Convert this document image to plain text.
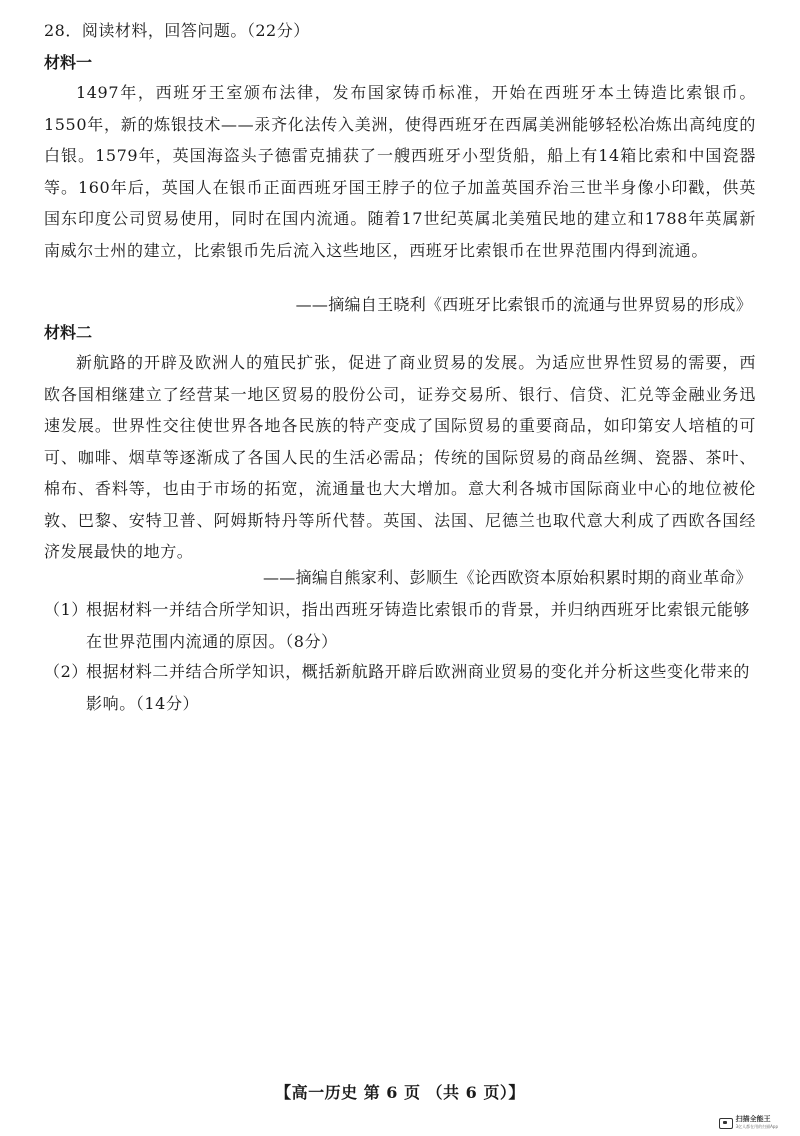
28．阅读材料，回答问题。（22分）
材料一
1497年，西班牙王室颁布法律，发布国家铸币标准，开始在西班牙本土铸造比索银币。1550年，新的炼银技术——汞齐化法传入美洲，使得西班牙在西属美洲能够轻松冶炼出高纯度的白银。1579年，英国海盗头子德雷克捕获了一艘西班牙小型货船，船上有14箱比索和中国瓷器等。160年后，英国人在银币正面西班牙国王脖子的位子加盖英国乔治三世半身像小印戳，供英国东印度公司贸易使用，同时在国内流通。随着17世纪英属北美殖民地的建立和1788年英属新南威尔士州的建立，比索银币先后流入这些地区，西班牙比索银币在世界范围内得到流通。
——摘编自王晓利《西班牙比索银币的流通与世界贸易的形成》
材料二
新航路的开辟及欧洲人的殖民扩张，促进了商业贸易的发展。为适应世界性贸易的需要，西欧各国相继建立了经营某一地区贸易的股份公司，证券交易所、银行、信贷、汇兑等金融业务迅速发展。世界性交往使世界各地各民族的特产变成了国际贸易的重要商品，如印第安人培植的可可、咖啡、烟草等逐渐成了各国人民的生活必需品；传统的国际贸易的商品丝绸、瓷器、茶叶、棉布、香料等，也由于市场的拓宽，流通量也大大增加。意大利各城市国际商业中心的地位被伦敦、巴黎、安特卫普、阿姆斯特丹等所代替。英国、法国、尼德兰也取代意大利成了西欧各国经济发展最快的地方。
——摘编自熊家利、彭顺生《论西欧资本原始积累时期的商业革命》
（1）
根据材料一并结合所学知识，指出西班牙铸造比索银币的背景，并归纳西班牙比索银元能够在世界范围内流通的原因。（8分）
（2）
根据材料二并结合所学知识，概括新航路开辟后欧洲商业贸易的变化并分析这些变化带来的影响。（14分）
【高一历史 第 6 页 （共 6 页）】
扫描全能王
3亿人都在用的扫描App
